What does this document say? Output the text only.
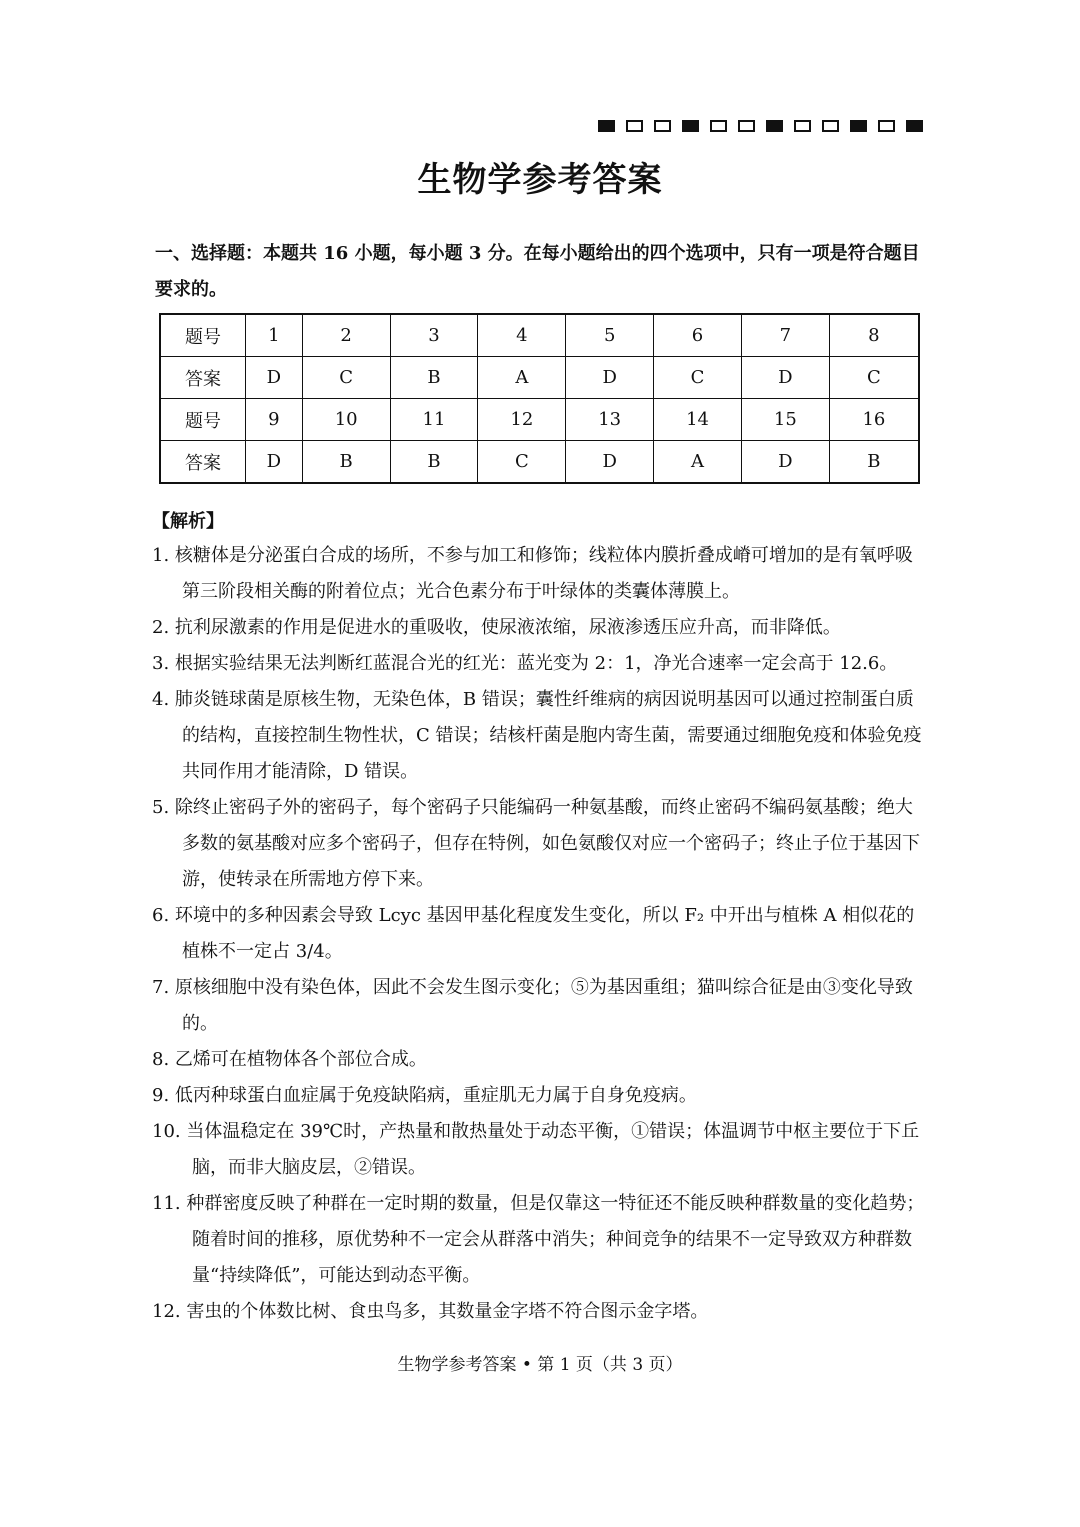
生物学参考答案
一、选择题：本题共 16 小题，每小题 3 分。在每小题给出的四个选项中，只有一项是符合题目要求的。
题号	1	2	3	4	5	6	7	8
答案	D	C	B	A	D	C	D	C
题号	9	10	11	12	13	14	15	16
答案	D	B	B	C	D	A	D	B
【解析】

1. 核糖体是分泌蛋白合成的场所，不参与加工和修饰；线粒体内膜折叠成嵴可增加的是有氧呼吸第三阶段相关酶的附着位点；光合色素分布于叶绿体的类囊体薄膜上。

2. 抗利尿激素的作用是促进水的重吸收，使尿液浓缩，尿液渗透压应升高，而非降低。

3. 根据实验结果无法判断红蓝混合光的红光：蓝光变为 2：1，净光合速率一定会高于 12.6。

4. 肺炎链球菌是原核生物，无染色体，B 错误；囊性纤维病的病因说明基因可以通过控制蛋白质的结构，直接控制生物性状，C 错误；结核杆菌是胞内寄生菌，需要通过细胞免疫和体验免疫共同作用才能清除，D 错误。

5. 除终止密码子外的密码子，每个密码子只能编码一种氨基酸，而终止密码不编码氨基酸；绝大多数的氨基酸对应多个密码子，但存在特例，如色氨酸仅对应一个密码子；终止子位于基因下游，使转录在所需地方停下来。

6. 环境中的多种因素会导致 Lcyc 基因甲基化程度发生变化，所以 F₂ 中开出与植株 A 相似花的植株不一定占 3/4。

7. 原核细胞中没有染色体，因此不会发生图示变化；⑤为基因重组；猫叫综合征是由③变化导致的。

8. 乙烯可在植物体各个部位合成。

9. 低丙种球蛋白血症属于免疫缺陷病，重症肌无力属于自身免疫病。

10. 当体温稳定在 39℃时，产热量和散热量处于动态平衡，①错误；体温调节中枢主要位于下丘脑，而非大脑皮层，②错误。

11. 种群密度反映了种群在一定时期的数量，但是仅靠这一特征还不能反映种群数量的变化趋势；随着时间的推移，原优势种不一定会从群落中消失；种间竞争的结果不一定导致双方种群数量“持续降低”，可能达到动态平衡。

12. 害虫的个体数比树、食虫鸟多，其数量金字塔不符合图示金字塔。

生物学参考答案 • 第 1 页（共 3 页）
